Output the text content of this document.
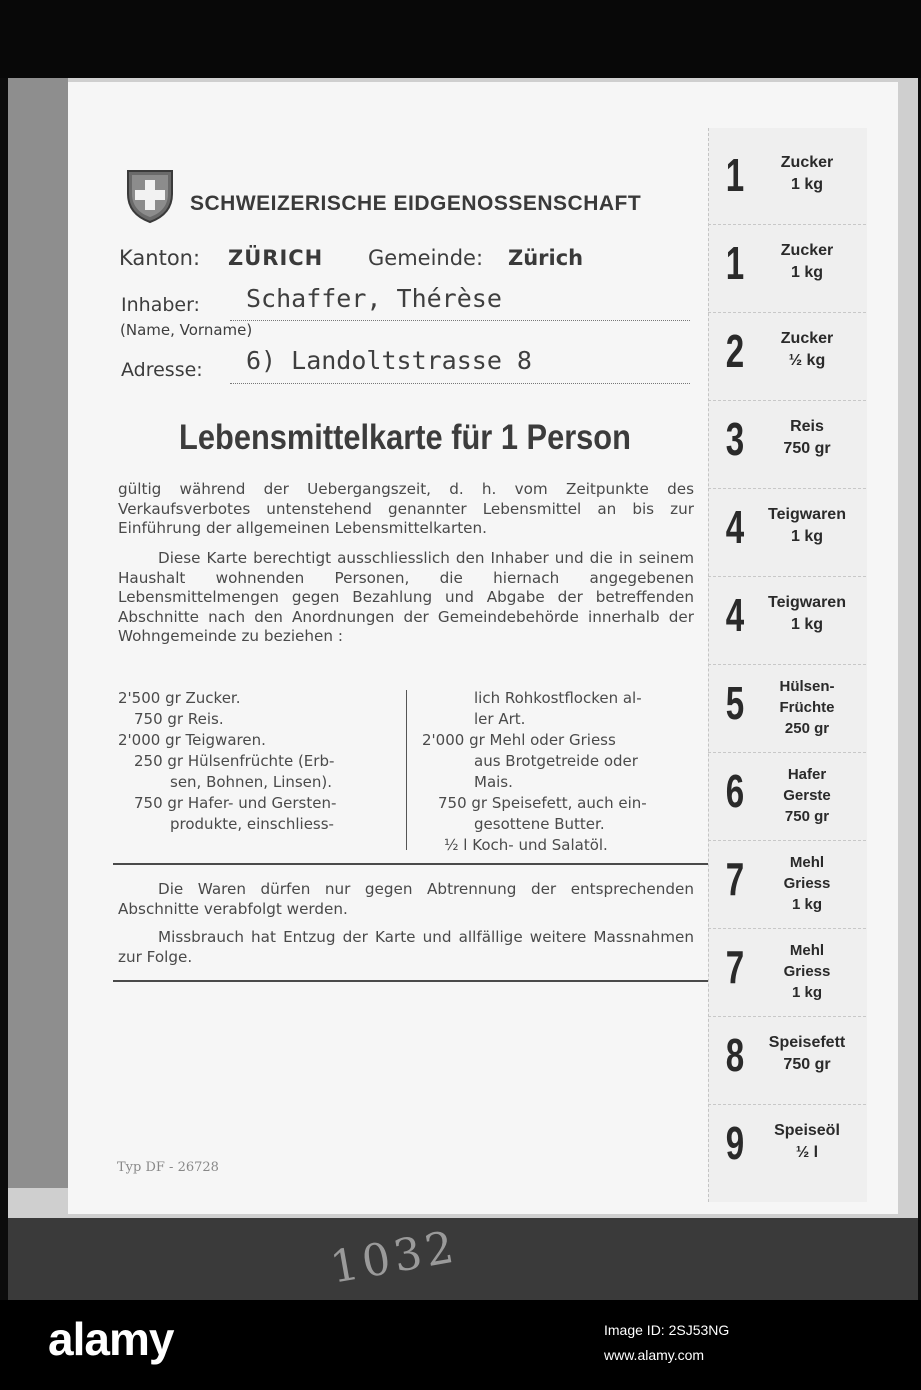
1032
SCHWEIZERISCHE EIDGENOSSENSCHAFT
Kanton: ZÜRICH Gemeinde: Zürich
Inhaber: Schaffer, Thérèse
(Name, Vorname)
Adresse: 6) Landoltstrasse 8
Lebensmittelkarte für 1 Person
gültig während der Uebergangszeit, d. h. vom Zeitpunkte des Verkaufsverbotes untenstehend genannter Lebensmittel an bis zur Einführung der allgemeinen Lebensmittelkarten.
Diese Karte berechtigt ausschliesslich den Inhaber und die in seinem Haushalt wohnenden Personen, die hiernach angegebenen Lebensmittelmengen gegen Bezahlung und Abgabe der betreffenden Abschnitte nach den Anordnungen der Gemeindebehörde innerhalb der Wohngemeinde zu beziehen :
2'500 gr Zucker.
750 gr Reis.
2'000 gr Teigwaren.
250 gr Hülsenfrüchte (Erb-
sen, Bohnen, Linsen).
750 gr Hafer- und Gersten-
produkte, einschliess-
lich Rohkostflocken al-
ler Art.
2'000 gr Mehl oder Griess
aus Brotgetreide oder
Mais.
750 gr Speisefett, auch ein-
gesottene Butter.
½ l Koch- und Salatöl.
Die Waren dürfen nur gegen Abtrennung der entsprechenden Abschnitte verabfolgt werden.
Missbrauch hat Entzug der Karte und allfällige weitere Massnahmen zur Folge.
Typ DF - 26728
1	Zucker
1 kg
1	Zucker
1 kg
2	Zucker
½ kg
3	Reis
750 gr
4	Teigwaren
1 kg
4	Teigwaren
1 kg
5	Hülsen-
Früchte
250 gr
6	Hafer
Gerste
750 gr
7	Mehl
Griess
1 kg
7	Mehl
Griess
1 kg
8	Speisefett
750 gr
9	Speiseöl
½ l
alamy	Image ID: 2SJ53NG
www.alamy.com
